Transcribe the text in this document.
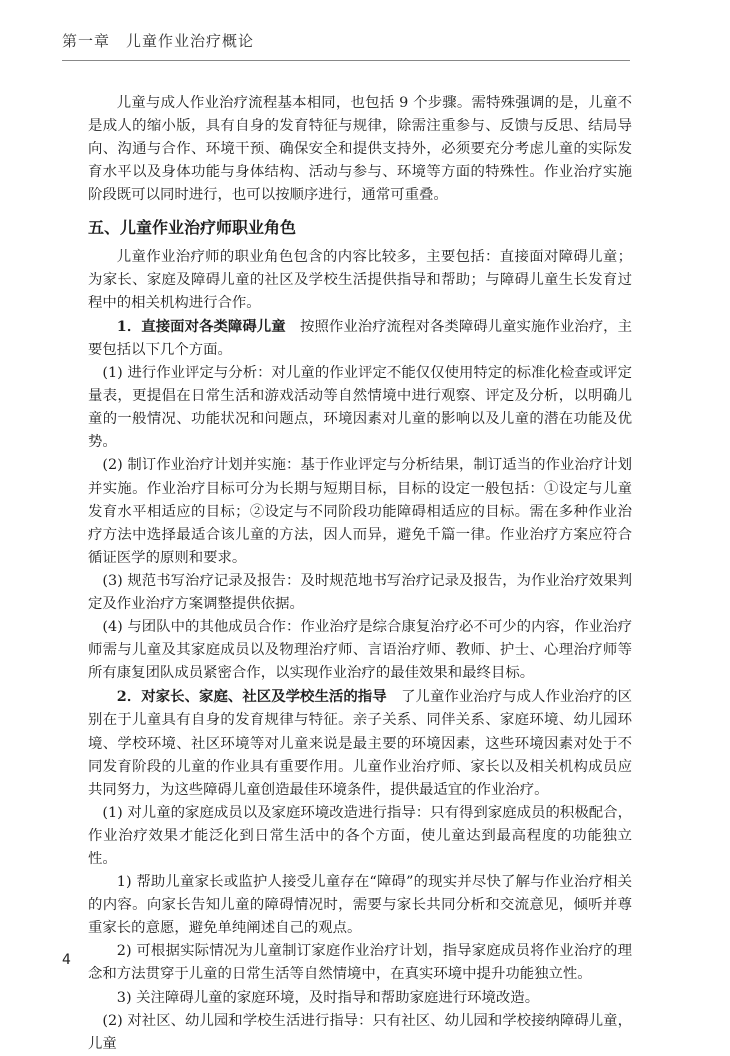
第一章　儿童作业治疗概论

儿童与成人作业治疗流程基本相同，也包括 9 个步骤。需特殊强调的是，儿童不是成人的缩小版，具有自身的发育特征与规律，除需注重参与、反馈与反思、结局导向、沟通与合作、环境干预、确保安全和提供支持外，必须要充分考虑儿童的实际发育水平以及身体功能与身体结构、活动与参与、环境等方面的特殊性。作业治疗实施阶段既可以同时进行，也可以按顺序进行，通常可重叠。

五、儿童作业治疗师职业角色

儿童作业治疗师的职业角色包含的内容比较多，主要包括：直接面对障碍儿童；为家长、家庭及障碍儿童的社区及学校生活提供指导和帮助；与障碍儿童生长发育过程中的相关机构进行合作。

1．直接面对各类障碍儿童　按照作业治疗流程对各类障碍儿童实施作业治疗，主要包括以下几个方面。

(1) 进行作业评定与分析：对儿童的作业评定不能仅仅使用特定的标准化检查或评定量表，更提倡在日常生活和游戏活动等自然情境中进行观察、评定及分析，以明确儿童的一般情况、功能状况和问题点，环境因素对儿童的影响以及儿童的潜在功能及优势。

(2) 制订作业治疗计划并实施：基于作业评定与分析结果，制订适当的作业治疗计划并实施。作业治疗目标可分为长期与短期目标，目标的设定一般包括：①设定与儿童发育水平相适应的目标；②设定与不同阶段功能障碍相适应的目标。需在多种作业治疗方法中选择最适合该儿童的方法，因人而异，避免千篇一律。作业治疗方案应符合循证医学的原则和要求。

(3) 规范书写治疗记录及报告：及时规范地书写治疗记录及报告，为作业治疗效果判定及作业治疗方案调整提供依据。

(4) 与团队中的其他成员合作：作业治疗是综合康复治疗必不可少的内容，作业治疗师需与儿童及其家庭成员以及物理治疗师、言语治疗师、教师、护士、心理治疗师等所有康复团队成员紧密合作，以实现作业治疗的最佳效果和最终目标。

2．对家长、家庭、社区及学校生活的指导　了儿童作业治疗与成人作业治疗的区别在于儿童具有自身的发育规律与特征。亲子关系、同伴关系、家庭环境、幼儿园环境、学校环境、社区环境等对儿童来说是最主要的环境因素，这些环境因素对处于不同发育阶段的儿童的作业具有重要作用。儿童作业治疗师、家长以及相关机构成员应共同努力，为这些障碍儿童创造最佳环境条件，提供最适宜的作业治疗。

(1) 对儿童的家庭成员以及家庭环境改造进行指导：只有得到家庭成员的积极配合，作业治疗效果才能泛化到日常生活中的各个方面，使儿童达到最高程度的功能独立性。

1) 帮助儿童家长或监护人接受儿童存在“障碍”的现实并尽快了解与作业治疗相关的内容。向家长告知儿童的障碍情况时，需要与家长共同分析和交流意见，倾听并尊重家长的意愿，避免单纯阐述自己的观点。

2) 可根据实际情况为儿童制订家庭作业治疗计划，指导家庭成员将作业治疗的理念和方法贯穿于儿童的日常生活等自然情境中，在真实环境中提升功能独立性。

3) 关注障碍儿童的家庭环境，及时指导和帮助家庭进行环境改造。

(2) 对社区、幼儿园和学校生活进行指导：只有社区、幼儿园和学校接纳障碍儿童，儿童

4
